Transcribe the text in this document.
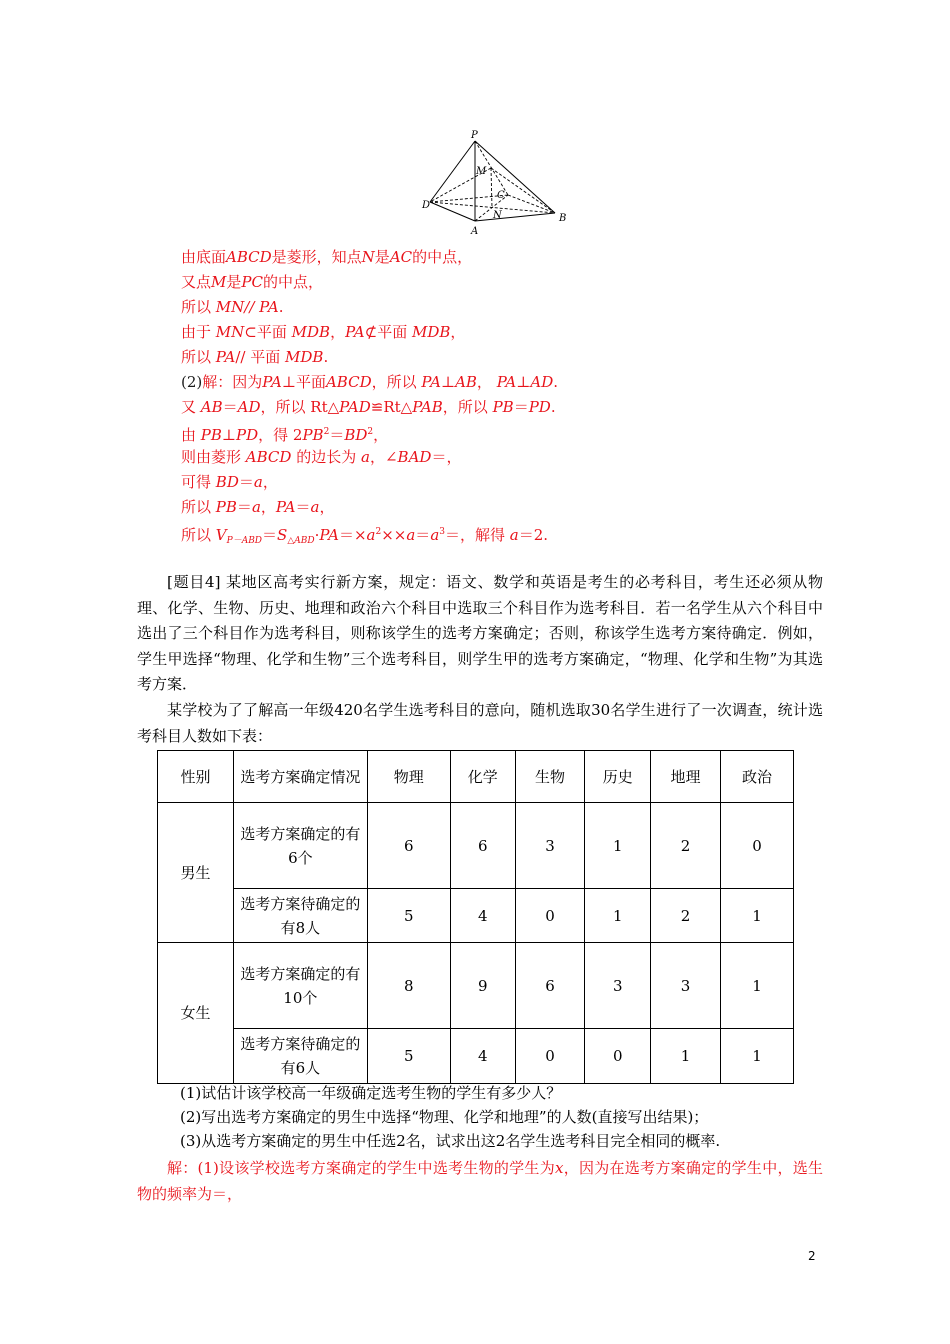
P
M
C
D
N	B
A
由底面ABCD是菱形，知点N是AC的中点，
又点M是PC的中点，
所以 MN// PA.
由于 MN⊂平面 MDB，PA⊄平面 MDB，
所以 PA// 平面 MDB.
(2)解：因为PA⊥平面ABCD，所以 PA⊥AB， PA⊥AD.
又 AB＝AD，所以 Rt△PAD≌Rt△PAB，所以 PB＝PD.
由 PB⊥PD，得 $2PB^2=BD^2$，
则由菱形 ABCD 的边长为 a，∠BAD＝，
可得 BD＝a，
所以 PB＝a，PA＝a，
所以 $V_{P-ABD}=S_{\triangle ABD}\cdot PA=\times a^2\times\times a=a^3=$，解得 a＝2.

[题目4] 某地区高考实行新方案，规定：语文、数学和英语是考生的必考科目，考生还必须从物理、化学、生物、历史、地理和政治六个科目中选取三个科目作为选考科目．若一名学生从六个科目中选出了三个科目作为选考科目，则称该学生的选考方案确定；否则，称该学生选考方案待确定．例如，学生甲选择“物理、化学和生物”三个选考科目，则学生甲的选考方案确定，“物理、化学和生物”为其选考方案．

某学校为了了解高一年级420名学生选考科目的意向，随机选取30名学生进行了一次调查，统计选考科目人数如下表：

性别	选考方案确定情况	物理	化学	生物	历史	地理	政治
男生	选考方案确定的有6个	6	6	3	1	2	0
	选考方案待确定的有8人	5	4	0	1	2	1
女生	选考方案确定的有10个	8	9	6	3	3	1
	选考方案待确定的有6人	5	4	0	0	1	1
(1)试估计该学校高一年级确定选考生物的学生有多少人？
(2)写出选考方案确定的男生中选择“物理、化学和地理”的人数(直接写出结果)；
(3)从选考方案确定的男生中任选2名，试求出这2名学生选考科目完全相同的概率.

解：(1)设该学校选考方案确定的学生中选考生物的学生为x，因为在选考方案确定的学生中，选生物的频率为＝，

2
